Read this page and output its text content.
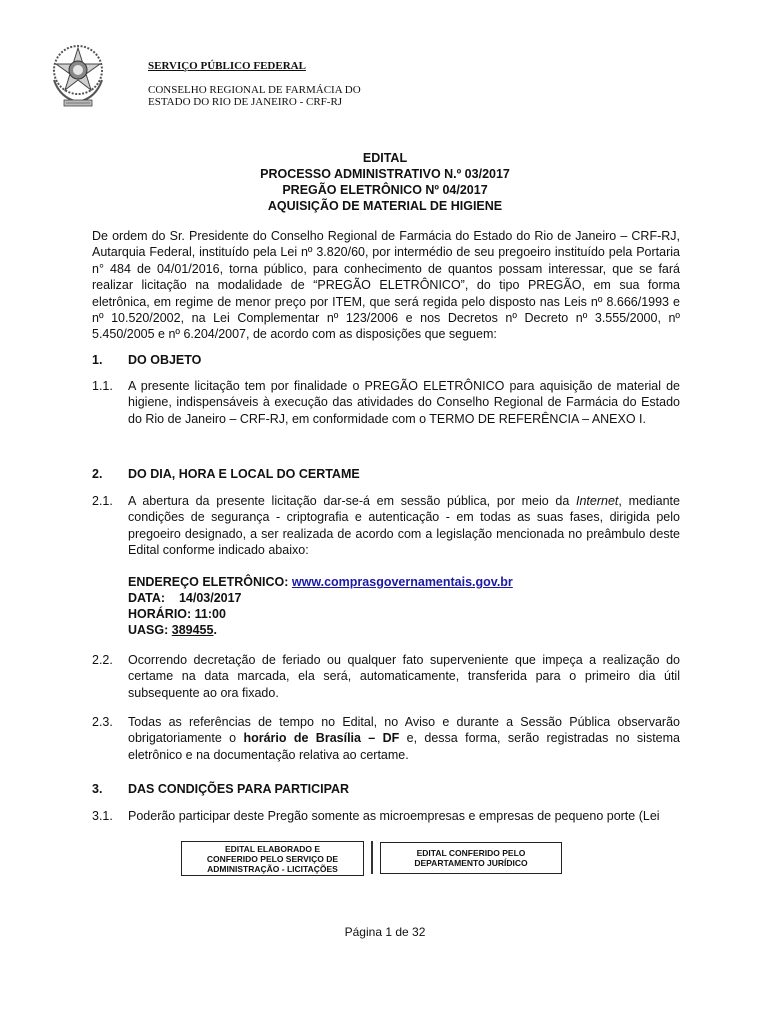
SERVIÇO PÚBLICO FEDERAL
CONSELHO REGIONAL DE FARMÁCIA DO
ESTADO DO RIO DE JANEIRO - CRF-RJ
EDITAL
PROCESSO ADMINISTRATIVO N.º 03/2017
PREGÃO ELETRÔNICO Nº 04/2017
AQUISIÇÃO DE MATERIAL DE HIGIENE
De ordem do Sr. Presidente do Conselho Regional de Farmácia do Estado do Rio de Janeiro – CRF-RJ, Autarquia Federal, instituído pela Lei nº 3.820/60, por intermédio de seu pregoeiro instituído pela Portaria n° 484 de 04/01/2016, torna público, para conhecimento de quantos possam interessar, que se fará realizar licitação na modalidade de “PREGÃO ELETRÔNICO”, do tipo PREGÃO, em sua forma eletrônica, em regime de menor preço por ITEM, que será regida pelo disposto nas Leis nº 8.666/1993 e nº 10.520/2002, na Lei Complementar nº 123/2006 e nos Decretos nº Decreto nº 3.555/2000, nº 5.450/2005 e nº 6.204/2007, de acordo com as disposições que seguem:
1. DO OBJETO
1.1. A presente licitação tem por finalidade o PREGÃO ELETRÔNICO para aquisição de material de higiene, indispensáveis à execução das atividades do Conselho Regional de Farmácia do Estado do Rio de Janeiro – CRF-RJ, em conformidade com o TERMO DE REFERÊNCIA – ANEXO I.
2. DO DIA, HORA E LOCAL DO CERTAME
2.1. A abertura da presente licitação dar-se-á em sessão pública, por meio da Internet, mediante condições de segurança - criptografia e autenticação - em todas as suas fases, dirigida pelo pregoeiro designado, a ser realizada de acordo com a legislação mencionada no preâmbulo deste Edital conforme indicado abaixo:
ENDEREÇO ELETRÔNICO: www.comprasgovernamentais.gov.br
DATA: 14/03/2017
HORÁRIO: 11:00
UASG: 389455.
2.2. Ocorrendo decretação de feriado ou qualquer fato superveniente que impeça a realização do certame na data marcada, ela será, automaticamente, transferida para o primeiro dia útil subsequente ao ora fixado.
2.3. Todas as referências de tempo no Edital, no Aviso e durante a Sessão Pública observarão obrigatoriamente o horário de Brasília – DF e, dessa forma, serão registradas no sistema eletrônico e na documentação relativa ao certame.
3. DAS CONDIÇÕES PARA PARTICIPAR
3.1. Poderão participar deste Pregão somente as microempresas e empresas de pequeno porte (Lei
EDITAL ELABORADO E
CONFERIDO PELO SERVIÇO DE
ADMINISTRAÇÃO - LICITAÇÕES
EDITAL CONFERIDO PELO
DEPARTAMENTO JURÍDICO
Página 1 de 32
